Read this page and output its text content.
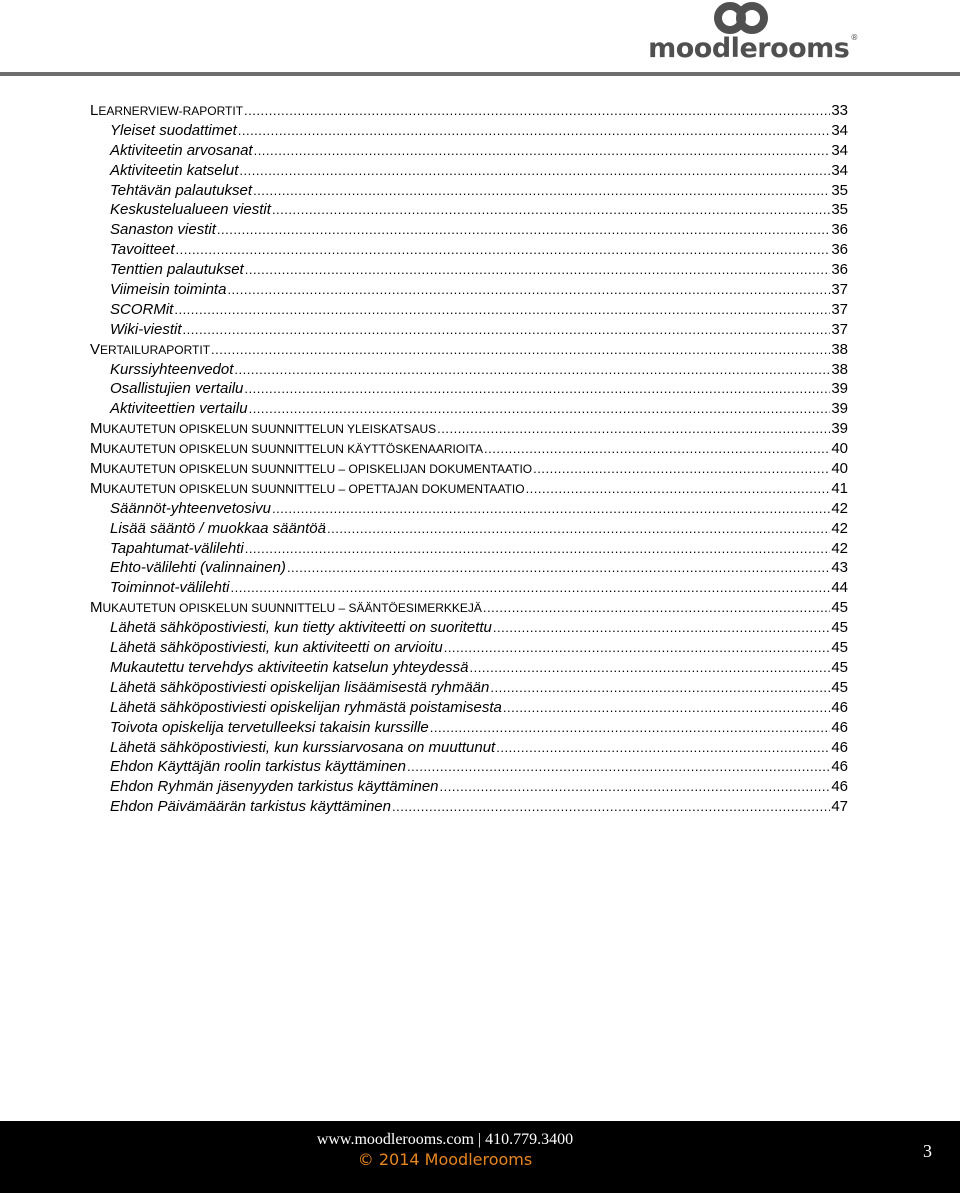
moodlerooms®
LEARNERVIEW-RAPORTIT .....	33
Yleiset suodattimet .....	34
Aktiviteetin arvosanat .....	34
Aktiviteetin katselut .....	34
Tehtävän palautukset .....	35
Keskustelualueen viestit .....	35
Sanaston viestit .....	36
Tavoitteet .....	36
Tenttien palautukset .....	36
Viimeisin toiminta .....	37
SCORMit .....	37
Wiki-viestit .....	37
VERTAILURAPORTIT .....	38
Kurssiyhteenvedot .....	38
Osallistujien vertailu .....	39
Aktiviteettien vertailu .....	39
MUKAUTETUN OPISKELUN SUUNNITTELUN YLEISKATSAUS .....	39
MUKAUTETUN OPISKELUN SUUNNITTELUN KÄYTTÖSKENAARIOITA .....	40
MUKAUTETUN OPISKELUN SUUNNITTELU – OPISKELIJAN DOKUMENTAATIO .....	40
MUKAUTETUN OPISKELUN SUUNNITTELU – OPETTAJAN DOKUMENTAATIO .....	41
Säännöt-yhteenvetosivu .....	42
Lisää sääntö / muokkaa sääntöä .....	42
Tapahtumat-välilehti .....	42
Ehto-välilehti (valinnainen) .....	43
Toiminnot-välilehti .....	44
MUKAUTETUN OPISKELUN SUUNNITTELU – SÄÄNTÖESIMERKKEJÄ .....	45
Lähetä sähköpostiviesti, kun tietty aktiviteetti on suoritettu .....	45
Lähetä sähköpostiviesti, kun aktiviteetti on arvioitu .....	45
Mukautettu tervehdys aktiviteetin katselun yhteydessä .....	45
Lähetä sähköpostiviesti opiskelijan lisäämisestä ryhmään .....	45
Lähetä sähköpostiviesti opiskelijan ryhmästä poistamisesta .....	46
Toivota opiskelija tervetulleeksi takaisin kurssille .....	46
Lähetä sähköpostiviesti, kun kurssiarvosana on muuttunut .....	46
Ehdon Käyttäjän roolin tarkistus käyttäminen .....	46
Ehdon Ryhmän jäsenyyden tarkistus käyttäminen .....	46
Ehdon Päivämäärän tarkistus käyttäminen .....	47
www.moodlerooms.com | 410.779.3400
© 2014 Moodlerooms	3
